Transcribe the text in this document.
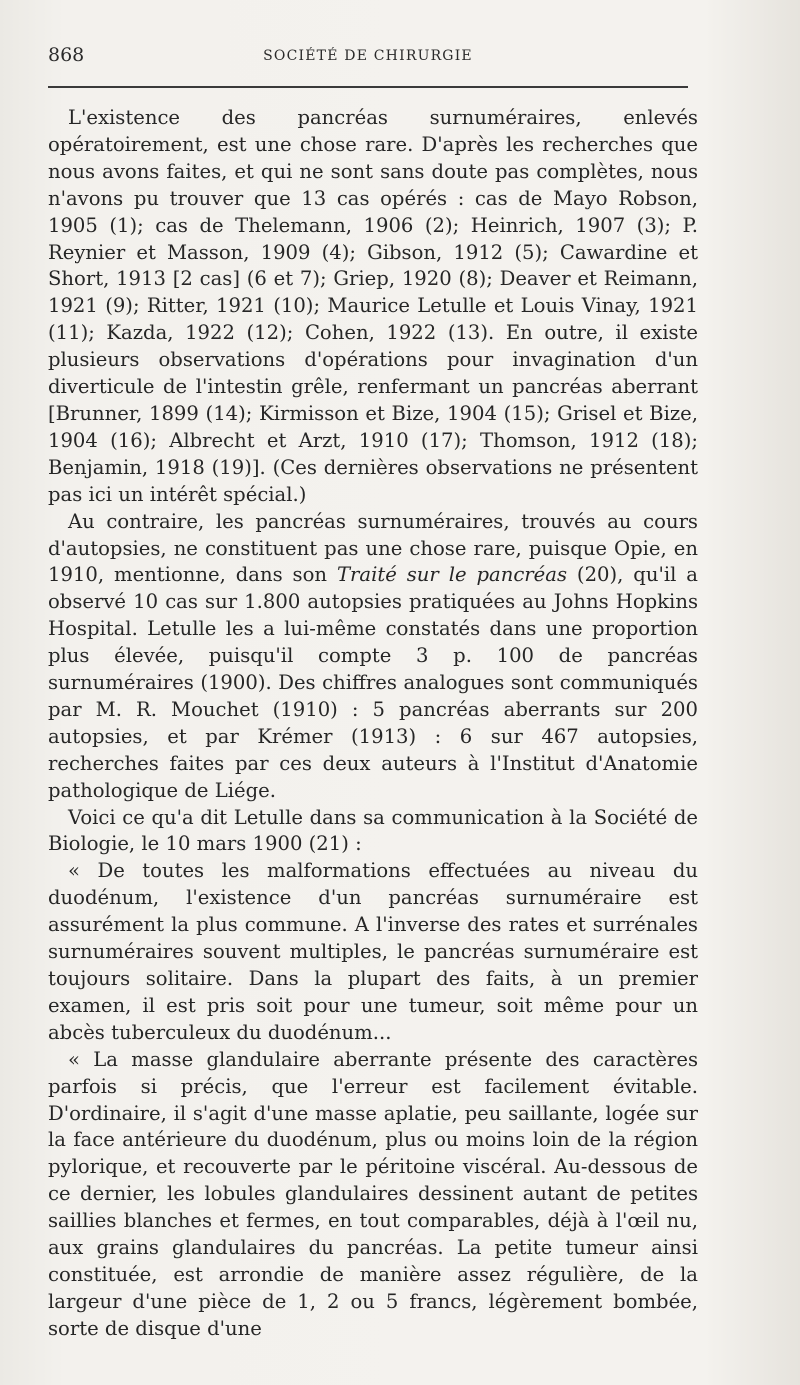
868	SOCIÉTÉ DE CHIRURGIE

L'existence des pancréas surnuméraires, enlevés opératoirement, est une chose rare. D'après les recherches que nous avons faites, et qui ne sont sans doute pas complètes, nous n'avons pu trouver que 13 cas opérés : cas de Mayo Robson, 1905 (1); cas de Thelemann, 1906 (2); Heinrich, 1907 (3); P. Reynier et Masson, 1909 (4); Gibson, 1912 (5); Cawardine et Short, 1913 [2 cas] (6 et 7); Griep, 1920 (8); Deaver et Reimann, 1921 (9); Ritter, 1921 (10); Maurice Letulle et Louis Vinay, 1921 (11); Kazda, 1922 (12); Cohen, 1922 (13). En outre, il existe plusieurs observations d'opérations pour invagination d'un diverticule de l'intestin grêle, renfermant un pancréas aberrant [Brunner, 1899 (14); Kirmisson et Bize, 1904 (15); Grisel et Bize, 1904 (16); Albrecht et Arzt, 1910 (17); Thomson, 1912 (18); Benjamin, 1918 (19)]. (Ces dernières observations ne présentent pas ici un intérêt spécial.)

Au contraire, les pancréas surnuméraires, trouvés au cours d'autopsies, ne constituent pas une chose rare, puisque Opie, en 1910, mentionne, dans son Traité sur le pancréas (20), qu'il a observé 10 cas sur 1.800 autopsies pratiquées au Johns Hopkins Hospital. Letulle les a lui-même constatés dans une proportion plus élevée, puisqu'il compte 3 p. 100 de pancréas surnuméraires (1900). Des chiffres analogues sont communiqués par M. R. Mouchet (1910) : 5 pancréas aberrants sur 200 autopsies, et par Krémer (1913) : 6 sur 467 autopsies, recherches faites par ces deux auteurs à l'Institut d'Anatomie pathologique de Liége.

Voici ce qu'a dit Letulle dans sa communication à la Société de Biologie, le 10 mars 1900 (21) :

« De toutes les malformations effectuées au niveau du duodénum, l'existence d'un pancréas surnuméraire est assurément la plus commune. A l'inverse des rates et surrénales surnuméraires souvent multiples, le pancréas surnuméraire est toujours solitaire. Dans la plupart des faits, à un premier examen, il est pris soit pour une tumeur, soit même pour un abcès tuberculeux du duodénum...

« La masse glandulaire aberrante présente des caractères parfois si précis, que l'erreur est facilement évitable. D'ordinaire, il s'agit d'une masse aplatie, peu saillante, logée sur la face antérieure du duodénum, plus ou moins loin de la région pylorique, et recouverte par le péritoine viscéral. Au-dessous de ce dernier, les lobules glandulaires dessinent autant de petites saillies blanches et fermes, en tout comparables, déjà à l'œil nu, aux grains glandulaires du pancréas. La petite tumeur ainsi constituée, est arrondie de manière assez régulière, de la largeur d'une pièce de 1, 2 ou 5 francs, légèrement bombée, sorte de disque d'une
